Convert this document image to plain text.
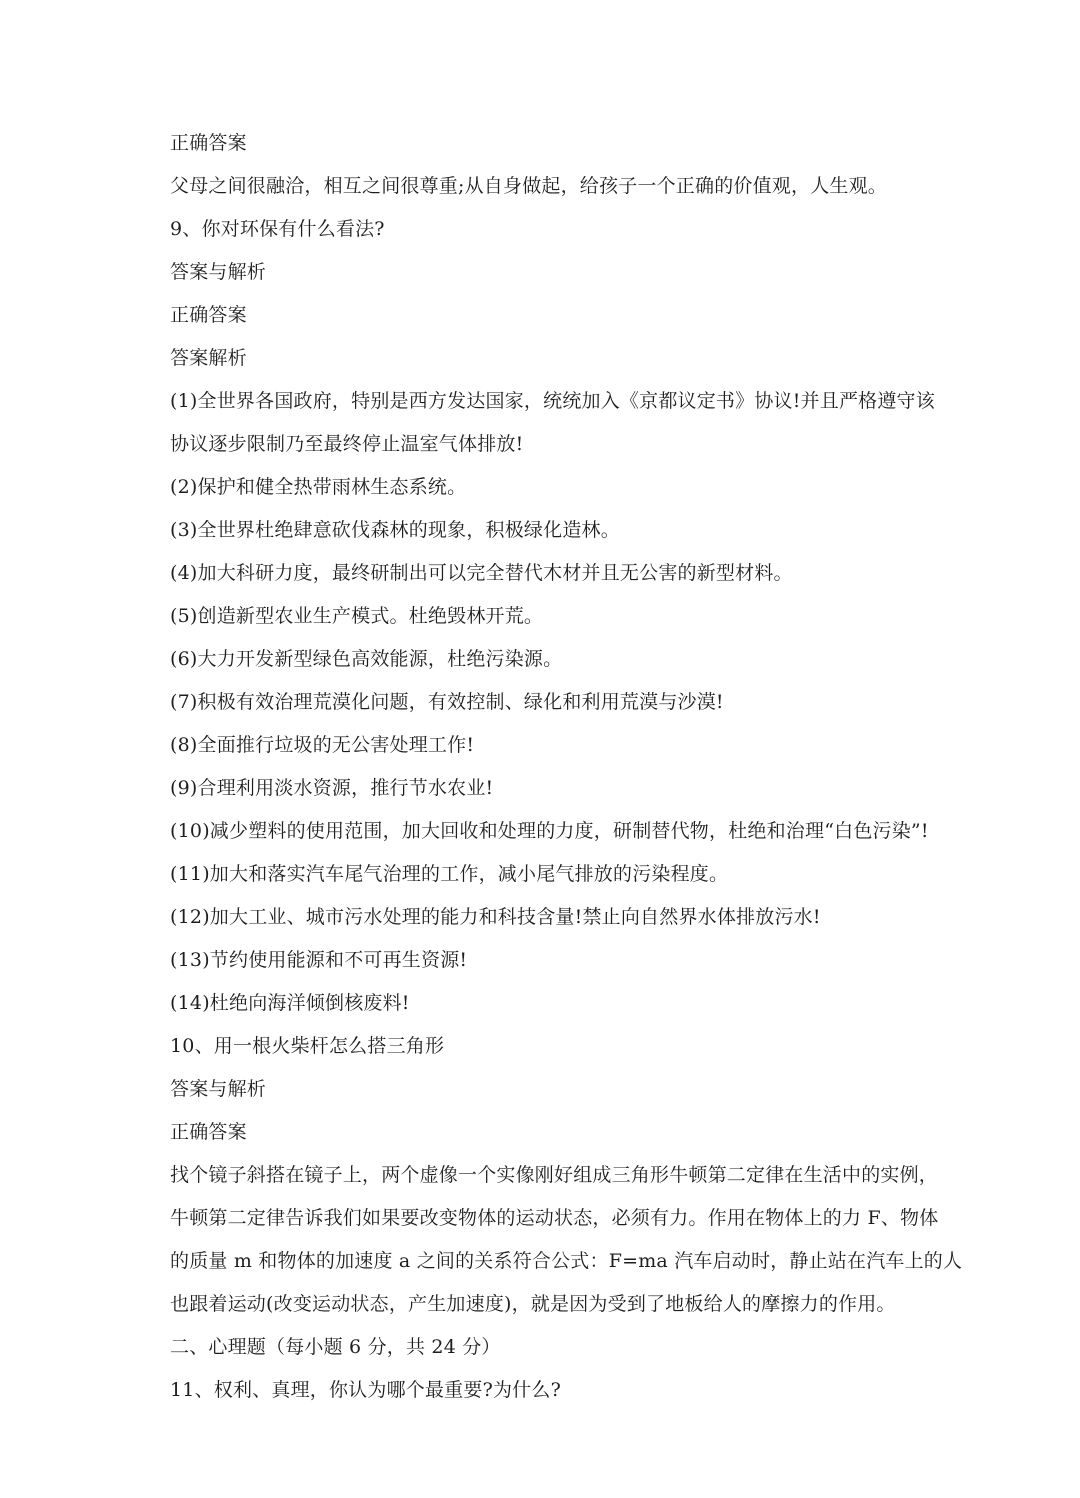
正确答案
父母之间很融洽，相互之间很尊重;从自身做起，给孩子一个正确的价值观，人生观。
9、你对环保有什么看法?
答案与解析
正确答案
答案解析
(1)全世界各国政府，特别是西方发达国家，统统加入《京都议定书》协议!并且严格遵守该
协议逐步限制乃至最终停止温室气体排放!
(2)保护和健全热带雨林生态系统。
(3)全世界杜绝肆意砍伐森林的现象，积极绿化造林。
(4)加大科研力度，最终研制出可以完全替代木材并且无公害的新型材料。
(5)创造新型农业生产模式。杜绝毁林开荒。
(6)大力开发新型绿色高效能源，杜绝污染源。
(7)积极有效治理荒漠化问题，有效控制、绿化和利用荒漠与沙漠!
(8)全面推行垃圾的无公害处理工作!
(9)合理利用淡水资源，推行节水农业!
(10)减少塑料的使用范围，加大回收和处理的力度，研制替代物，杜绝和治理“白色污染”!
(11)加大和落实汽车尾气治理的工作，减小尾气排放的污染程度。
(12)加大工业、城市污水处理的能力和科技含量!禁止向自然界水体排放污水!
(13)节约使用能源和不可再生资源!
(14)杜绝向海洋倾倒核废料!
10、用一根火柴杆怎么搭三角形
答案与解析
正确答案
找个镜子斜搭在镜子上，两个虚像一个实像刚好组成三角形牛顿第二定律在生活中的实例，
牛顿第二定律告诉我们如果要改变物体的运动状态，必须有力。作用在物体上的力 F、物体
的质量 m 和物体的加速度 a 之间的关系符合公式：F=ma 汽车启动时，静止站在汽车上的人
也跟着运动(改变运动状态，产生加速度)，就是因为受到了地板给人的摩擦力的作用。
二、心理题（每小题 6 分，共 24 分）
11、权利、真理，你认为哪个最重要?为什么?
